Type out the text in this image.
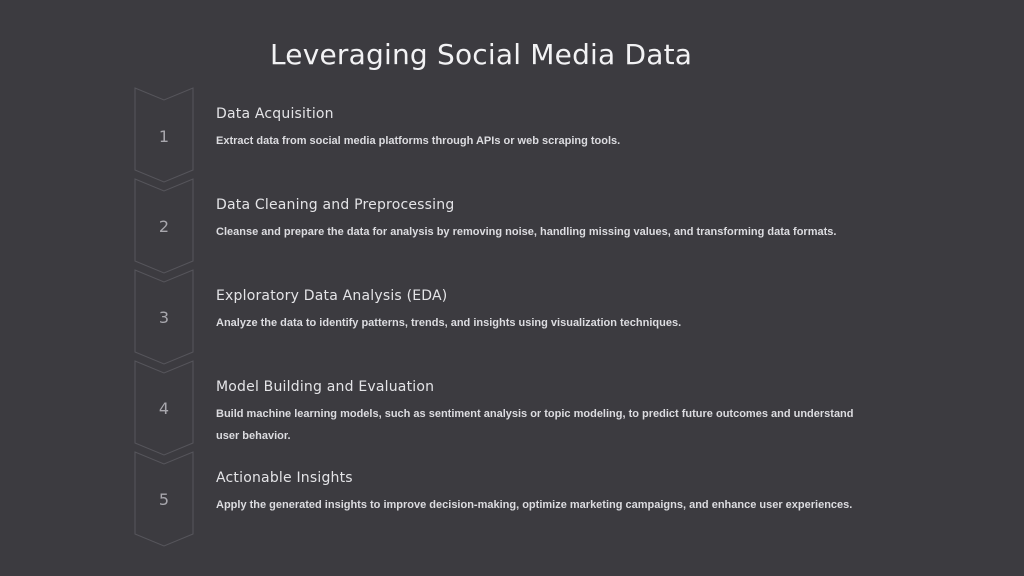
Leveraging Social Media Data
1
Data Acquisition
Extract data from social media platforms through APIs or web scraping tools.
2
Data Cleaning and Preprocessing
Cleanse and prepare the data for analysis by removing noise, handling missing values, and transforming data formats.
3
Exploratory Data Analysis (EDA)
Analyze the data to identify patterns, trends, and insights using visualization techniques.
4
Model Building and Evaluation
Build machine learning models, such as sentiment analysis or topic modeling, to predict future outcomes and understand user behavior.
5
Actionable Insights
Apply the generated insights to improve decision-making, optimize marketing campaigns, and enhance user experiences.
